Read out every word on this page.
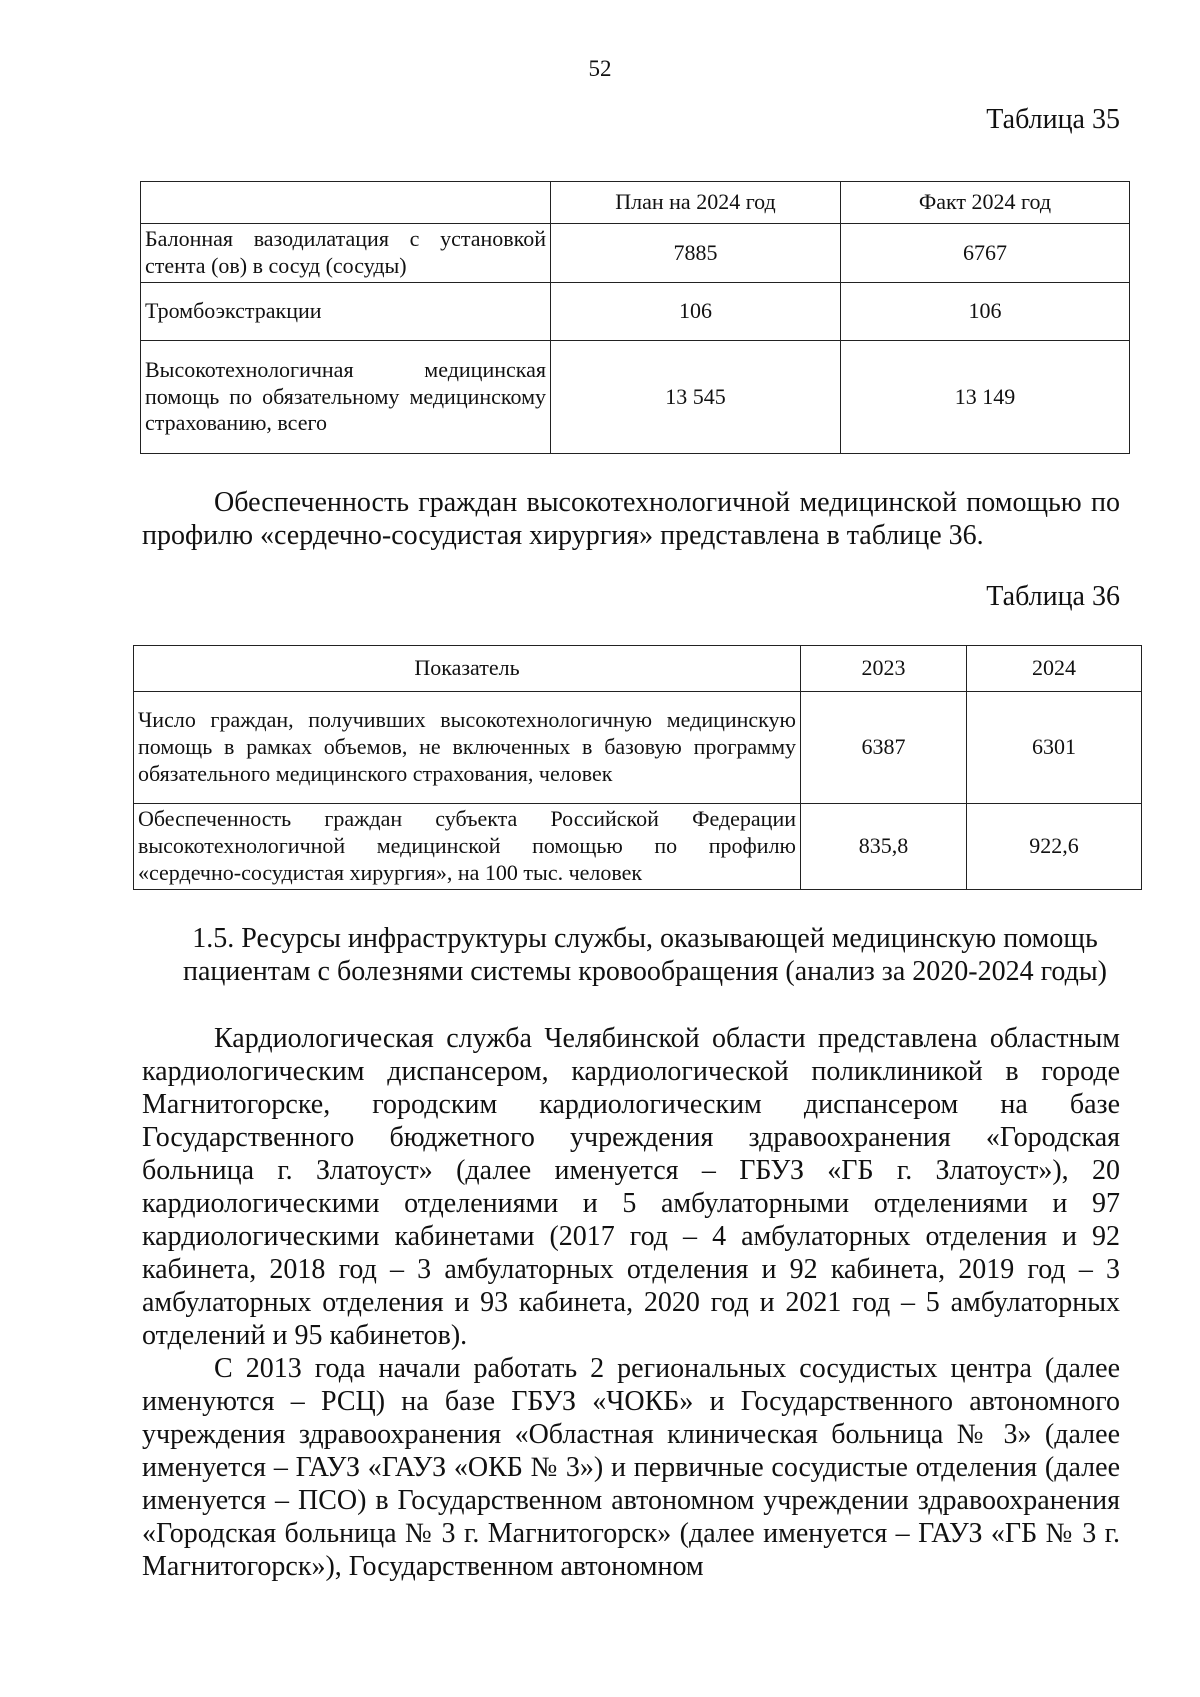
52
Таблица 35
	План на 2024 год	Факт 2024 год
Балонная вазодилатация с установкой стента (ов) в сосуд (сосуды)	7885	6767
Тромбоэкстракции	106	106
Высокотехнологичная медицинская помощь по обязательному медицинскому страхованию, всего	13 545	13 149

Обеспеченность граждан высокотехнологичной медицинской помощью по профилю «сердечно-сосудистая хирургия» представлена в таблице 36.

Таблица 36
Показатель	2023	2024
Число граждан, получивших высокотехнологичную медицинскую помощь в рамках объемов, не включенных в базовую программу обязательного медицинского страхования, человек	6387	6301
Обеспеченность граждан субъекта Российской Федерации высокотехнологичной медицинской помощью по профилю «сердечно-сосудистая хирургия», на 100 тыс. человек	835,8	922,6

1.5. Ресурсы инфраструктуры службы, оказывающей медицинскую помощь пациентам с болезнями системы кровообращения (анализ за 2020-2024 годы)

Кардиологическая служба Челябинской области представлена областным кардиологическим диспансером, кардиологической поликлиникой в городе Магнитогорске, городским кардиологическим диспансером на базе Государственного бюджетного учреждения здравоохранения «Городская больница г. Златоуст» (далее именуется – ГБУЗ «ГБ г. Златоуст»), 20 кардиологическими отделениями и 5 амбулаторными отделениями и 97 кардиологическими кабинетами (2017 год – 4 амбулаторных отделения и 92 кабинета, 2018 год – 3 амбулаторных отделения и 92 кабинета, 2019 год – 3 амбулаторных отделения и 93 кабинета, 2020 год и 2021 год – 5 амбулаторных отделений и 95 кабинетов).

С 2013 года начали работать 2 региональных сосудистых центра (далее именуются – РСЦ) на базе ГБУЗ «ЧОКБ» и Государственного автономного учреждения здравоохранения «Областная клиническая больница № 3» (далее именуется – ГАУЗ «ГАУЗ «ОКБ № 3») и первичные сосудистые отделения (далее именуется – ПСО) в Государственном автономном учреждении здравоохранения «Городская больница № 3 г. Магнитогорск» (далее именуется – ГАУЗ «ГБ № 3 г. Магнитогорск»), Государственном автономном
